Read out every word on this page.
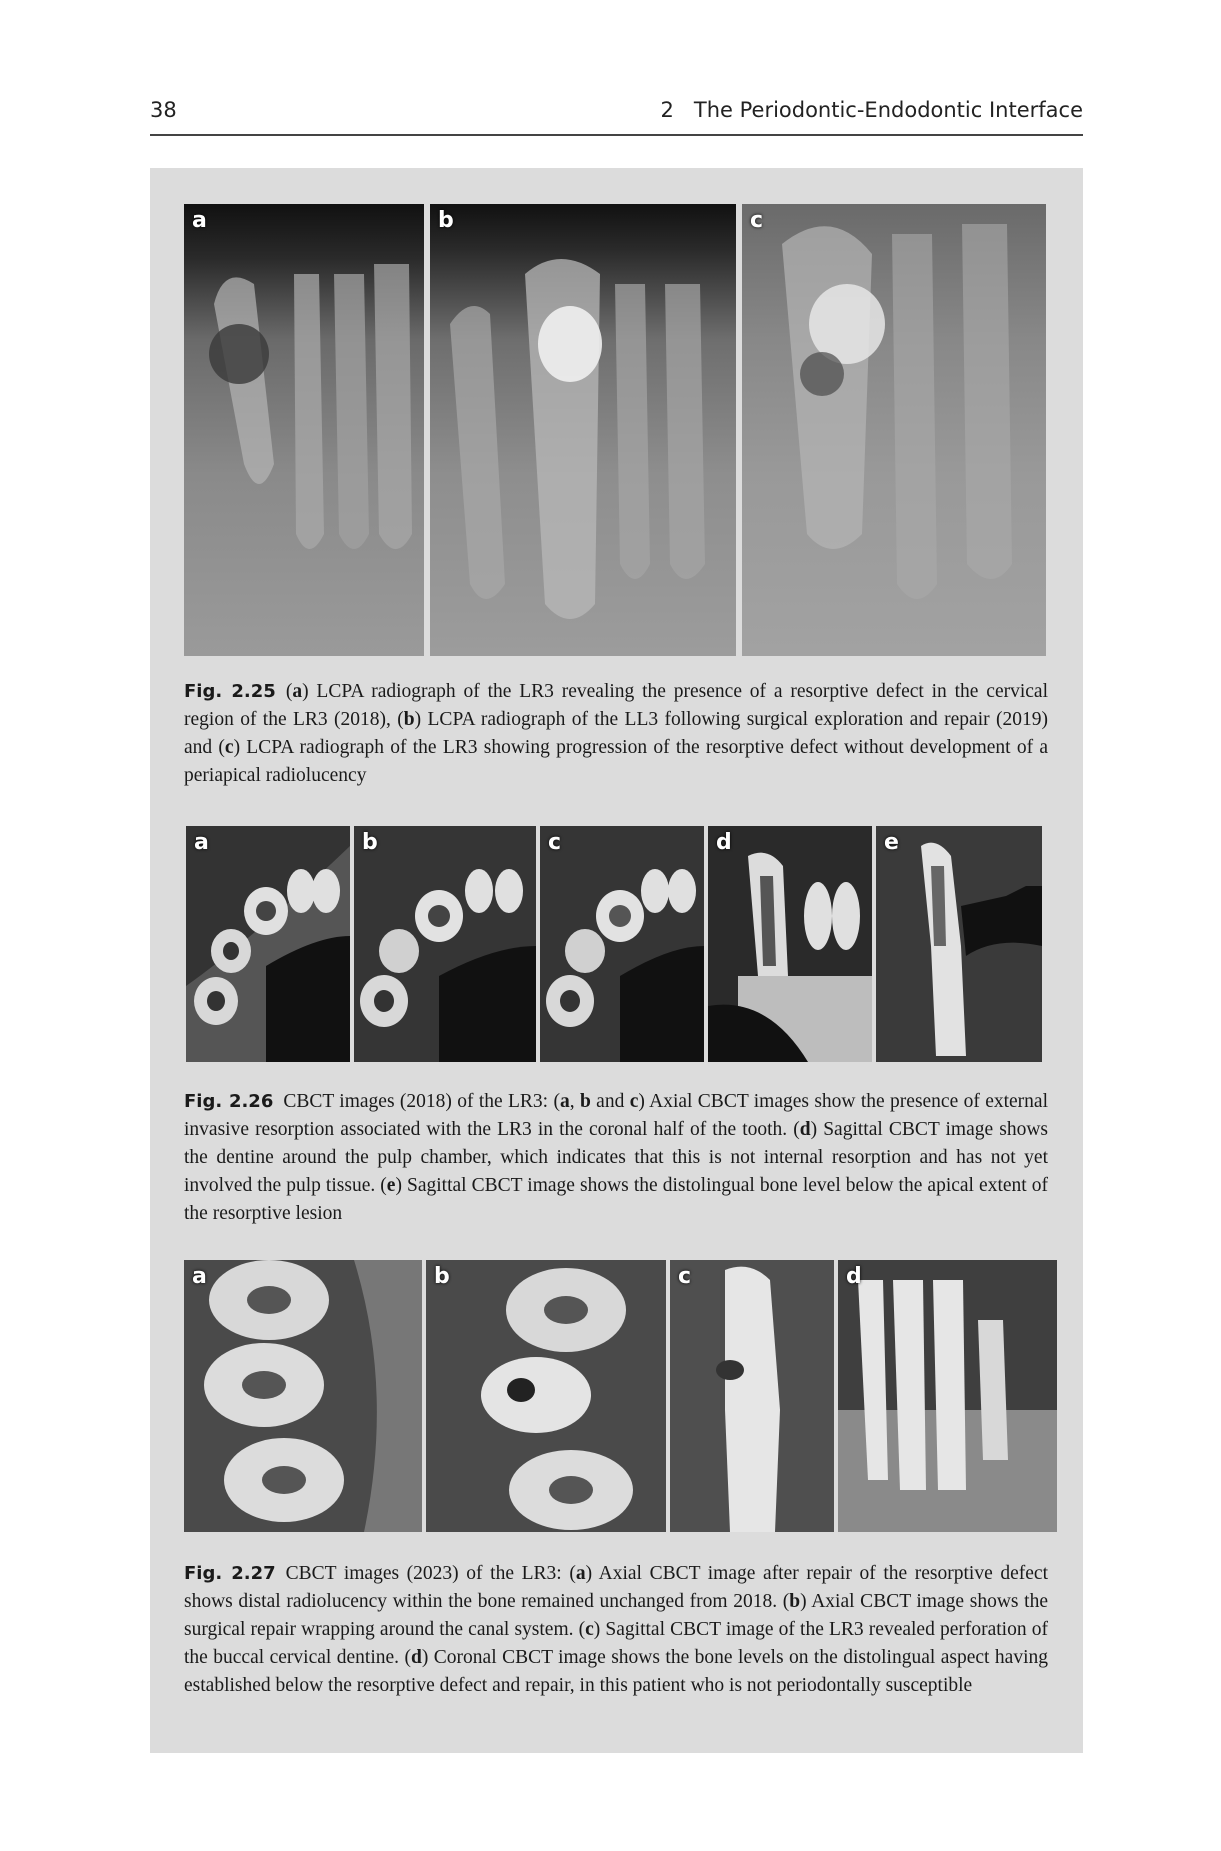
38	2   The Periodontic-Endodontic Interface
a	b	c

Fig. 2.25 (a) LCPA radiograph of the LR3 revealing the presence of a resorptive defect in the cervical region of the LR3 (2018), (b) LCPA radiograph of the LL3 following surgical exploration and repair (2019) and (c) LCPA radiograph of the LR3 showing progression of the resorptive defect without development of a periapical radiolucency

a	b	c	d	e

Fig. 2.26 CBCT images (2018) of the LR3: (a, b and c) Axial CBCT images show the presence of external invasive resorption associated with the LR3 in the coronal half of the tooth. (d) Sagittal CBCT image shows the dentine around the pulp chamber, which indicates that this is not internal resorption and has not yet involved the pulp tissue. (e) Sagittal CBCT image shows the distolingual bone level below the apical extent of the resorptive lesion

a	b	c	d

Fig. 2.27 CBCT images (2023) of the LR3: (a) Axial CBCT image after repair of the resorptive defect shows distal radiolucency within the bone remained unchanged from 2018. (b) Axial CBCT image shows the surgical repair wrapping around the canal system. (c) Sagittal CBCT image of the LR3 revealed perforation of the buccal cervical dentine. (d) Coronal CBCT image shows the bone levels on the distolingual aspect having established below the resorptive defect and repair, in this patient who is not periodontally susceptible
